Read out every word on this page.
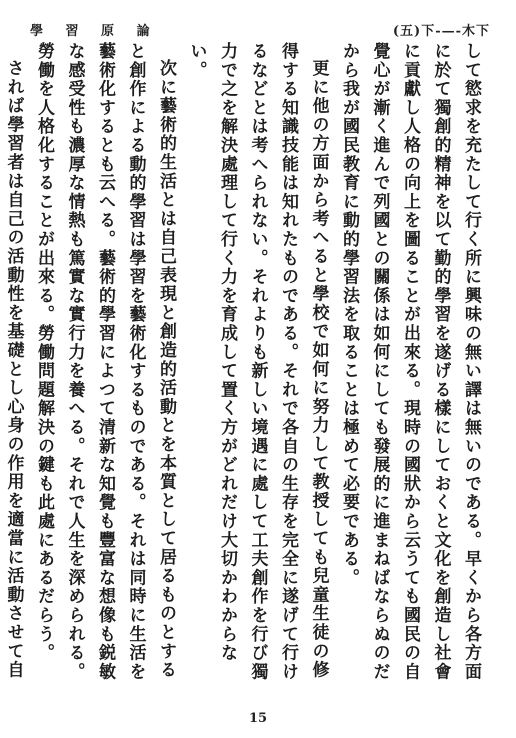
學 習 原 論	(五)下-—-木下

して慾求を充たして行く所に興味の無い譯は無いのである。早くから各方面に於て獨創的精神を以て勤的學習を遂げる樣にしておくと文化を創造し社會に貢獻し人格の向上を圖ることが出來る。現時の國狀から云うても國民の自覺心が漸く進んで列國との關係は如何にしても發展的に進まねばならぬのだから我が國民教育に動的學習法を取ることは極めて必要である。

更に他の方面から考へると學校で如何に努力して教授しても兒童生徒の修得する知識技能は知れたものである。それで各自の生存を完全に遂げて行けるなどとは考へられない。それよりも新しい境遇に處して工夫創作を行び獨力で之を解決處理して行く力を育成して置く方がどれだけ大切かわからない。

次に藝術的生活とは自己表現と創造的活動とを本質として居るものとすると創作による動的學習は學習を藝術化するものである。それは同時に生活を藝術化するとも云へる。藝術的學習によつて清新な知覺も豐富な想像も鋭敏な感受性も濃厚な情熱も篤實な實行力を養へる。それで人生を深められる。勞働を人格化することが出來る。勞働問題解決の鍵も此處にあるだらう。

されば學習者は自己の活動性を基礎とし心身の作用を適當に活動させて自

15
